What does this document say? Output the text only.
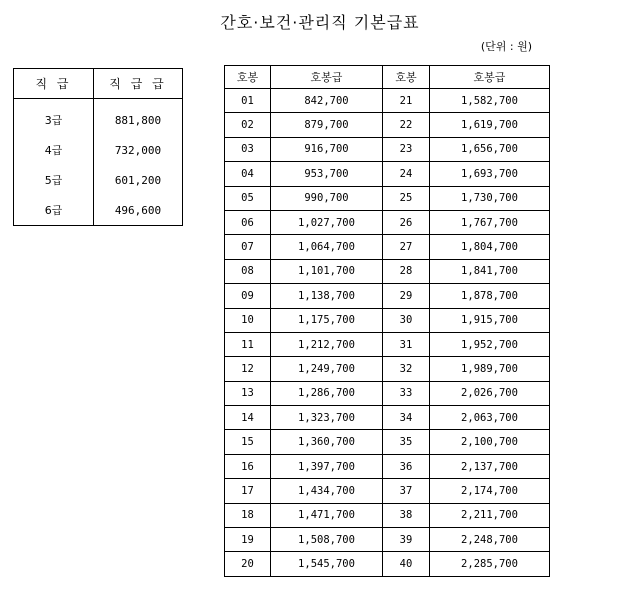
간호·보건·관리직 기본급표
(단위 : 원)
직 급	직 급 급
3급	881,800
4급	732,000
5급	601,200
6급	496,600
호봉	호봉급	호봉	호봉급
01	842,700	21	1,582,700
02	879,700	22	1,619,700
03	916,700	23	1,656,700
04	953,700	24	1,693,700
05	990,700	25	1,730,700
06	1,027,700	26	1,767,700
07	1,064,700	27	1,804,700
08	1,101,700	28	1,841,700
09	1,138,700	29	1,878,700
10	1,175,700	30	1,915,700
11	1,212,700	31	1,952,700
12	1,249,700	32	1,989,700
13	1,286,700	33	2,026,700
14	1,323,700	34	2,063,700
15	1,360,700	35	2,100,700
16	1,397,700	36	2,137,700
17	1,434,700	37	2,174,700
18	1,471,700	38	2,211,700
19	1,508,700	39	2,248,700
20	1,545,700	40	2,285,700
